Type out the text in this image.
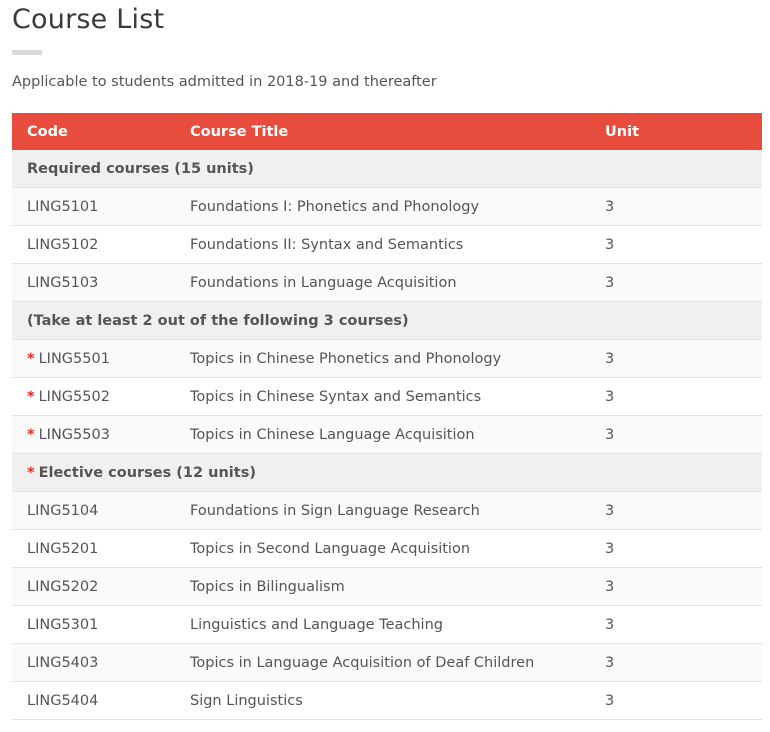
Course List

Applicable to students admitted in 2018-19 and thereafter

Code	Course Title	Unit
Required courses (15 units)		
LING5101	Foundations I: Phonetics and Phonology	3
LING5102	Foundations II: Syntax and Semantics	3
LING5103	Foundations in Language Acquisition	3
(Take at least 2 out of the following 3 courses)		
* LING5501	Topics in Chinese Phonetics and Phonology	3
* LING5502	Topics in Chinese Syntax and Semantics	3
* LING5503	Topics in Chinese Language Acquisition	3
* Elective courses (12 units)		
LING5104	Foundations in Sign Language Research	3
LING5201	Topics in Second Language Acquisition	3
LING5202	Topics in Bilingualism	3
LING5301	Linguistics and Language Teaching	3
LING5403	Topics in Language Acquisition of Deaf Children	3
LING5404	Sign Linguistics	3
